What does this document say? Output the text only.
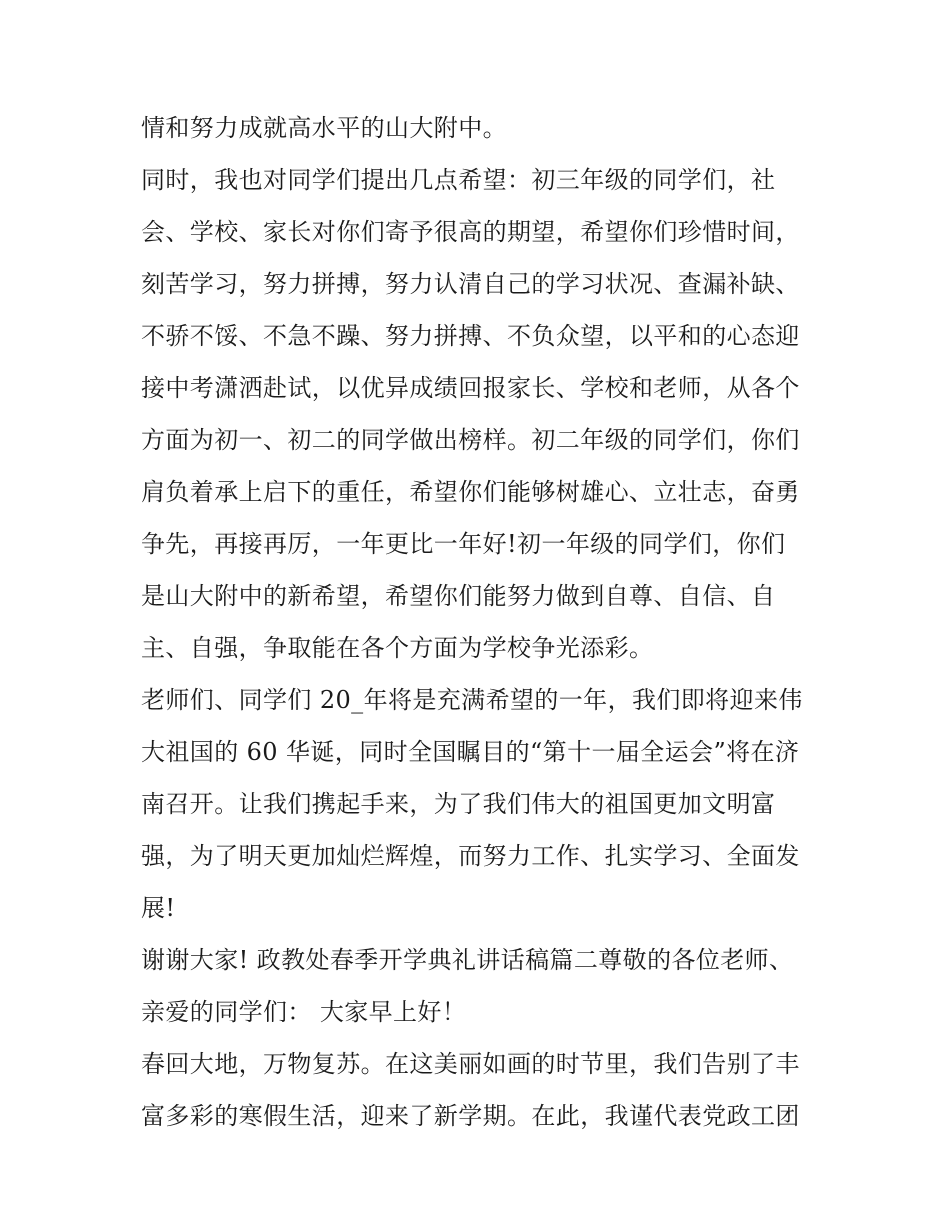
情和努力成就高水平的山大附中。
同时，我也对同学们提出几点希望：初三年级的同学们，社
会、学校、家长对你们寄予很高的期望，希望你们珍惜时间，
刻苦学习，努力拼搏，努力认清自己的学习状况、查漏补缺、
不骄不馁、不急不躁、努力拼搏、不负众望，以平和的心态迎
接中考潇洒赴试，以优异成绩回报家长、学校和老师，从各个
方面为初一、初二的同学做出榜样。初二年级的同学们，你们
肩负着承上启下的重任，希望你们能够树雄心、立壮志，奋勇
争先，再接再厉，一年更比一年好!初一年级的同学们，你们
是山大附中的新希望，希望你们能努力做到自尊、自信、自
主、自强，争取能在各个方面为学校争光添彩。
老师们、同学们 20_年将是充满希望的一年，我们即将迎来伟
大祖国的 60 华诞，同时全国瞩目的“第十一届全运会”将在济
南召开。让我们携起手来，为了我们伟大的祖国更加文明富
强，为了明天更加灿烂辉煌，而努力工作、扎实学习、全面发
展!
谢谢大家! 政教处春季开学典礼讲话稿篇二尊敬的各位老师、
亲爱的同学们： 大家早上好！
春回大地，万物复苏。在这美丽如画的时节里，我们告别了丰
富多彩的寒假生活，迎来了新学期。在此，我谨代表党政工团
